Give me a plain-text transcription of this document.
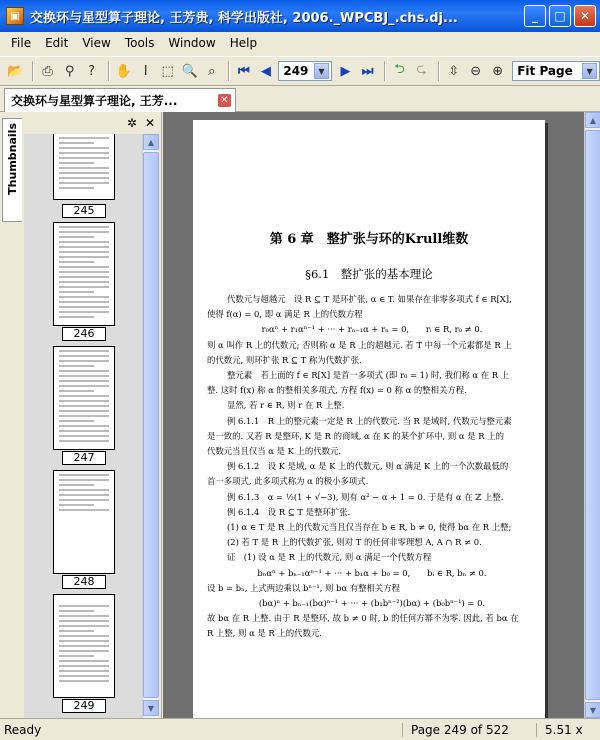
▣ 交换环与星型算子理论, 王芳贵, 科学出版社, 2006._WPCBJ_.chs.dj...	_	□	✕
File	Edit	View	Tools	Window	Help
📂	⎙ ⚲	?	✋ I	⬚ 🔍 ⌕	⏮ ◀	249	▼	▶ ⏭	⮌ ⮎	⇳ ⊖ ⊕	Fit Page	▼
交换环与星型算子理论, 王芳...	✕
Thumbnails	✲ ✕
245
246
247
248
249
▲
▼
第 6 章　整扩张与环的Krull维数
§6.1　整扩张的基本理论
代数元与超越元　设 R ⊆ T 是环扩张, α ∈ T. 如果存在非零多项式 f ∈ R[X],
使得 f(α) = 0, 即 α 满足 R 上的代数方程
r₀αⁿ + r₁αⁿ⁻¹ + ··· + rₙ₋₁α + rₙ = 0,　　rᵢ ∈ R, r₀ ≠ 0.
则 α 叫作 R 上的代数元; 否则称 α 是 R 上的超越元. 若 T 中每一个元素都是 R 上
的代数元, 则环扩张 R ⊆ T 称为代数扩张.
整元素　若上面的 f ∈ R[X] 是首一多项式 (即 r₀ = 1) 时, 我们称 α 在 R 上
整. 这时 f(x) 称 α 的整相关多项式, 方程 f(x) = 0 称 α 的整相关方程.
显然, 若 r ∈ R, 则 r 在 R 上整.
例 6.1.1　R 上的整元素一定是 R 上的代数元. 当 R 是域时, 代数元与整元素
是一致的. 又若 R 是整环, K 是 R 的商域, α 在 K 的某个扩环中, 则 α 是 R 上的
代数元当且仅当 α 是 K 上的代数元.
例 6.1.2　设 K 是域, α 是 K 上的代数元, 则 α 满足 K 上的一个次数最低的
首一多项式, 此多项式称为 α 的极小多项式.
例 6.1.3　α = ½(1 + √−3), 则有 α² − α + 1 = 0. 于是有 α 在 ℤ 上整.
例 6.1.4　设 R ⊆ T 是整环扩张.
(1) α ∈ T 是 R 上的代数元当且仅当存在 b ∈ R, b ≠ 0, 使得 bα 在 R 上整;
(2) 若 T 是 R 上的代数扩张, 则对 T 的任何非零理想 A, A ∩ R ≠ 0.
证　(1) 设 α 是 R 上的代数元, 则 α 满足一个代数方程
bₙαⁿ + bₙ₋₁αⁿ⁻¹ + ··· + b₁α + b₀ = 0,　　bᵢ ∈ R, bₙ ≠ 0.
设 b = bₙ, 上式两边乘以 bⁿ⁻¹, 则 bα 有整相关方程
(bα)ⁿ + bₙ₋₁(bα)ⁿ⁻¹ + ··· + (b₁bⁿ⁻²)(bα) + (b₀bⁿ⁻¹) = 0.
故 bα 在 R 上整. 由于 R 是整环, 故 b ≠ 0 时, b 的任何方幂不为零. 因此, 若 bα 在
R 上整, 则 α 是 R 上的代数元.
▲
▼
Ready	Page 249 of 522	5.51 x
